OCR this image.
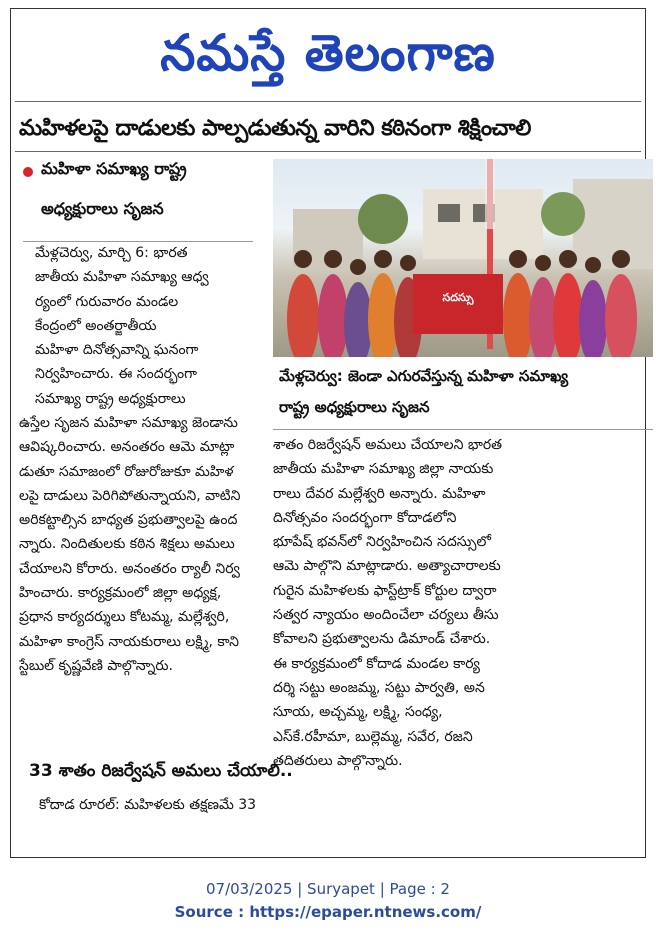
నమస్తే తెలంగాణ
మహిళలపై దాడులకు పాల్పడుతున్న వారిని కఠినంగా శిక్షించాలి
మహిళా సమాఖ్య రాష్ట్ర
అధ్యక్షురాలు సృజన
సదస్సు
మేళ్లచెర్వు: జెండా ఎగురవేస్తున్న మహిళా సమాఖ్య
రాష్ట్ర అధ్యక్షురాలు సృజన
మేళ్లచెర్వు, మార్చి 6: భారత
జాతీయ మహిళా సమాఖ్య ఆధ్వ
ర్యంలో గురువారం మండల
కేంద్రంలో అంతర్జాతీయ
మహిళా దినోత్సవాన్ని ఘనంగా
నిర్వహించారు. ఈ సందర్భంగా
సమాఖ్య రాష్ట్ర అధ్యక్షురాలు
ఉస్తేల సృజన మహిళా సమాఖ్య జెండాను
ఆవిష్కరించారు. అనంతరం ఆమె మాట్లా
డుతూ సమాజంలో రోజురోజుకూ మహిళ
లపై దాడులు పెరిగిపోతున్నాయని, వాటిని
అరికట్టాల్సిన బాధ్యత ప్రభుత్వాలపై ఉంద
న్నారు. నిందితులకు కఠిన శిక్షలు అమలు
చేయాలని కోరారు. అనంతరం ర్యాలీ నిర్వ
హించారు. కార్యక్రమంలో జిల్లా అధ్యక్ష,
ప్రధాన కార్యదర్శులు కోటమ్మ, మల్లేశ్వరి,
మహిళా కాంగ్రెస్ నాయకురాలు లక్ష్మి, కాని
స్టేబుల్ కృష్ణవేణి పాల్గొన్నారు.
33 శాతం రిజర్వేషన్ అమలు చేయాలి..
కోదాడ రూరల్: మహిళలకు తక్షణమే 33
శాతం రిజర్వేషన్ అమలు చేయాలని భారత
జాతీయ మహిళా సమాఖ్య జిల్లా నాయకు
రాలు దేవర మల్లేశ్వరి అన్నారు. మహిళా
దినోత్సవం సందర్భంగా కోదాడలోని
భూపేష్ భవన్‌లో నిర్వహించిన సదస్సులో
ఆమె పాల్గొని మాట్లాడారు. అత్యాచారాలకు
గురైన మహిళలకు ఫాస్ట్‌ట్రాక్ కోర్టుల ద్వారా
సత్వర న్యాయం అందించేలా చర్యలు తీసు
కోవాలని ప్రభుత్వాలను డిమాండ్ చేశారు.
ఈ కార్యక్రమంలో కోదాడ మండల కార్య
దర్శి సట్టు అంజమ్మ, సట్టు పార్వతి, అన
సూయ, అచ్చమ్మ, లక్ష్మి, సంధ్య,
ఎస్‌కే.రహీమా, బుల్లెమ్మ, సవేర, రజని
తదితరులు పాల్గొన్నారు.
07/03/2025 | Suryapet | Page : 2
Source : https://epaper.ntnews.com/
